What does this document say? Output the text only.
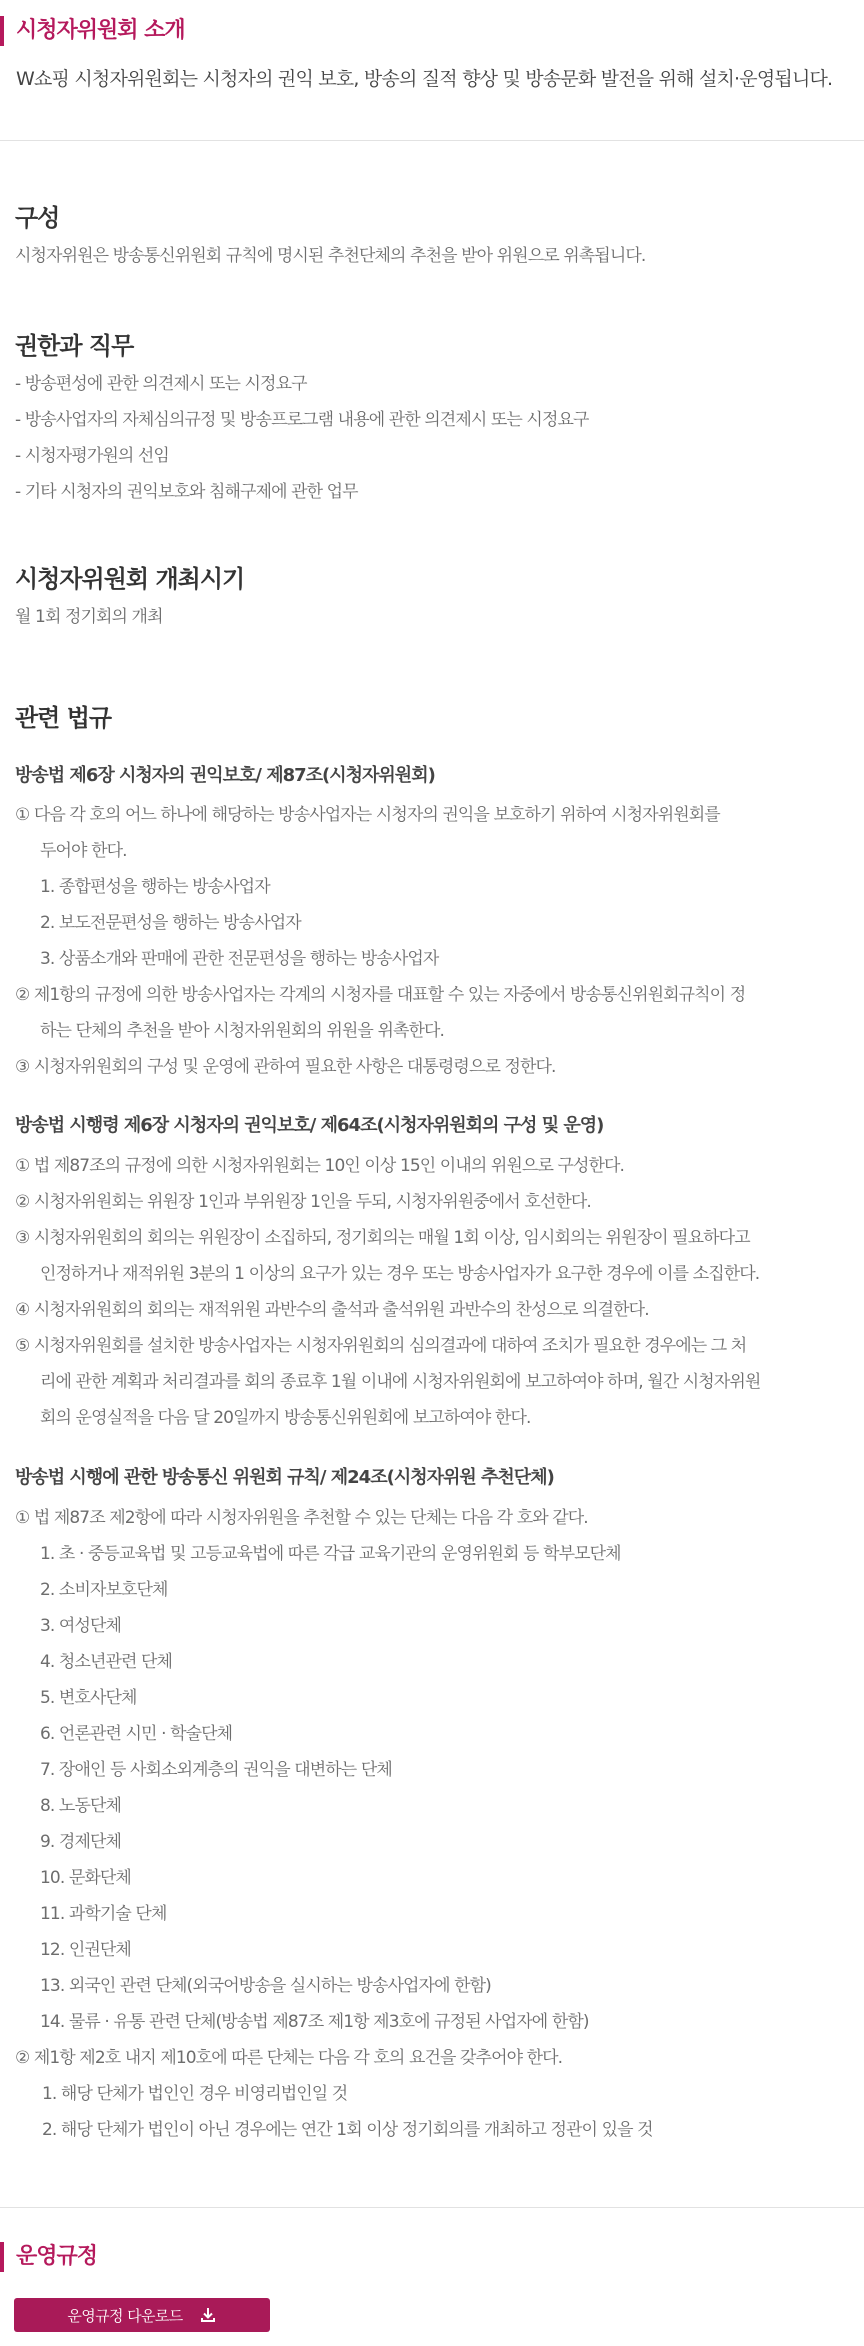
시청자위원회 소개
W쇼핑 시청자위원회는 시청자의 권익 보호, 방송의 질적 향상 및 방송문화 발전을 위해 설치·운영됩니다.
구성
시청자위원은 방송통신위원회 규칙에 명시된 추천단체의 추천을 받아 위원으로 위촉됩니다.
권한과 직무
- 방송편성에 관한 의견제시 또는 시정요구
- 방송사업자의 자체심의규정 및 방송프로그램 내용에 관한 의견제시 또는 시정요구
- 시청자평가원의 선임
- 기타 시청자의 권익보호와 침해구제에 관한 업무
시청자위원회 개최시기
월 1회 정기회의 개최
관련 법규
방송법 제6장 시청자의 권익보호/ 제87조(시청자위원회)
① 다음 각 호의 어느 하나에 해당하는 방송사업자는 시청자의 권익을 보호하기 위하여 시청자위원회를
두어야 한다.
1. 종합편성을 행하는 방송사업자
2. 보도전문편성을 행하는 방송사업자
3. 상품소개와 판매에 관한 전문편성을 행하는 방송사업자
② 제1항의 규정에 의한 방송사업자는 각계의 시청자를 대표할 수 있는 자중에서 방송통신위원회규칙이 정
하는 단체의 추천을 받아 시청자위원회의 위원을 위촉한다.
③ 시청자위원회의 구성 및 운영에 관하여 필요한 사항은 대통령령으로 정한다.
방송법 시행령 제6장 시청자의 권익보호/ 제64조(시청자위원회의 구성 및 운영)
① 법 제87조의 규정에 의한 시청자위원회는 10인 이상 15인 이내의 위원으로 구성한다.
② 시청자위원회는 위원장 1인과 부위원장 1인을 두되, 시청자위원중에서 호선한다.
③ 시청자위원회의 회의는 위원장이 소집하되, 정기회의는 매월 1회 이상, 임시회의는 위원장이 필요하다고
인정하거나 재적위원 3분의 1 이상의 요구가 있는 경우 또는 방송사업자가 요구한 경우에 이를 소집한다.
④ 시청자위원회의 회의는 재적위원 과반수의 출석과 출석위원 과반수의 찬성으로 의결한다.
⑤ 시청자위원회를 설치한 방송사업자는 시청자위원회의 심의결과에 대하여 조치가 필요한 경우에는 그 처
리에 관한 계획과 처리결과를 회의 종료후 1월 이내에 시청자위원회에 보고하여야 하며, 월간 시청자위원
회의 운영실적을 다음 달 20일까지 방송통신위원회에 보고하여야 한다.
방송법 시행에 관한 방송통신 위원회 규칙/ 제24조(시청자위원 추천단체)
① 법 제87조 제2항에 따라 시청자위원을 추천할 수 있는 단체는 다음 각 호와 같다.
1. 초 · 중등교육법 및 고등교육법에 따른 각급 교육기관의 운영위원회 등 학부모단체
2. 소비자보호단체
3. 여성단체
4. 청소년관련 단체
5. 변호사단체
6. 언론관련 시민 · 학술단체
7. 장애인 등 사회소외계층의 권익을 대변하는 단체
8. 노동단체
9. 경제단체
10. 문화단체
11. 과학기술 단체
12. 인권단체
13. 외국인 관련 단체(외국어방송을 실시하는 방송사업자에 한함)
14. 물류 · 유통 관련 단체(방송법 제87조 제1항 제3호에 규정된 사업자에 한함)
② 제1항 제2호 내지 제10호에 따른 단체는 다음 각 호의 요건을 갖추어야 한다.
1. 해당 단체가 법인인 경우 비영리법인일 것
2. 해당 단체가 법인이 아닌 경우에는 연간 1회 이상 정기회의를 개최하고 정관이 있을 것
운영규정
운영규정 다운로드
